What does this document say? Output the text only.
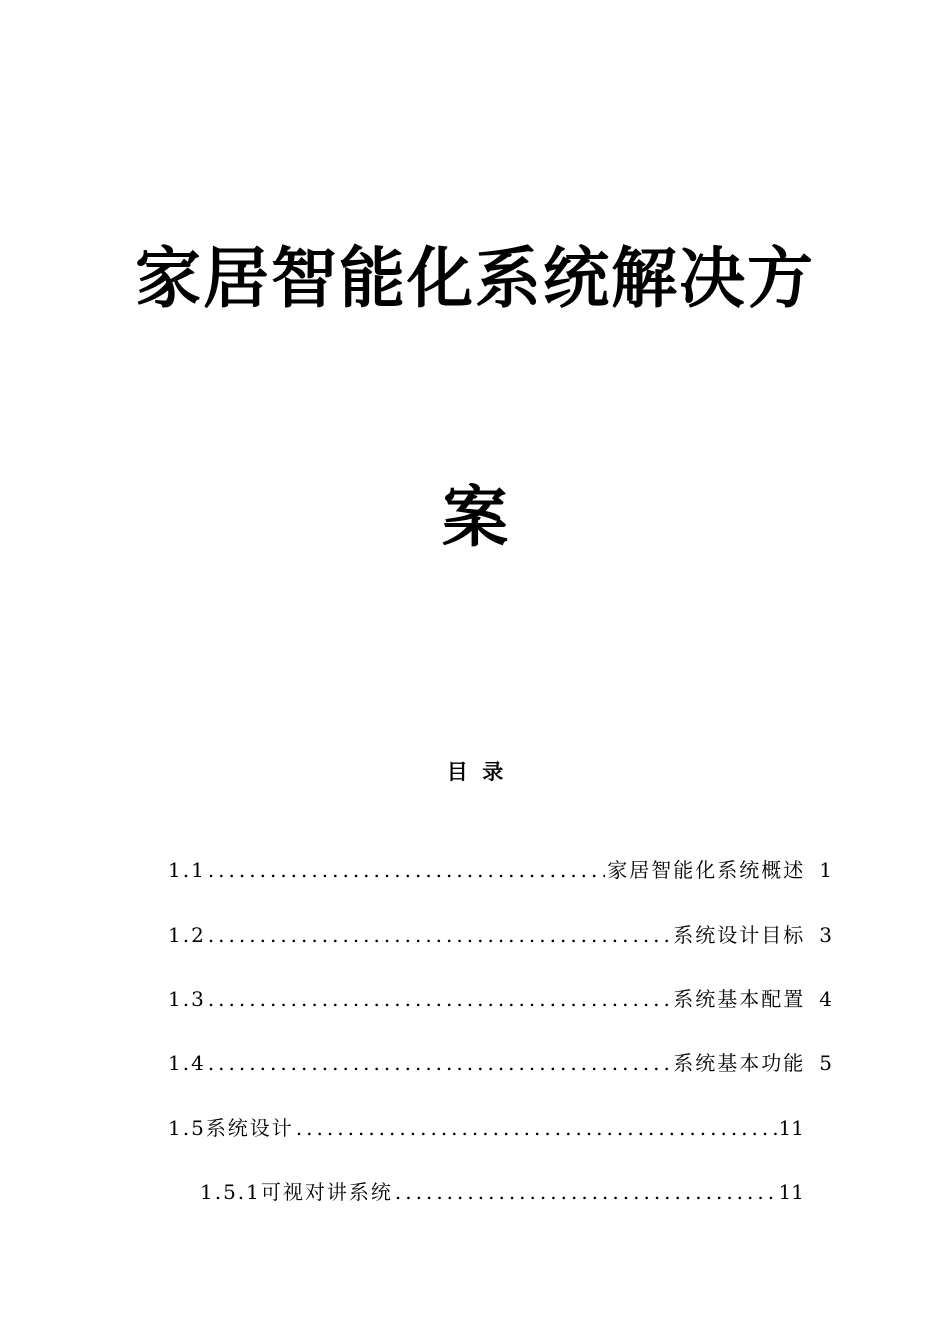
家居智能化系统解决方
案
目  录
1.1 .....	家居智能化系统概述 1
1.2 .....	系统设计目标 3
1.3 .....	系统基本配置 4
1.4 .....	系统基本功能 5
1.5 系统设计 .....	11
1.5.1 可视对讲系统 .....	11
